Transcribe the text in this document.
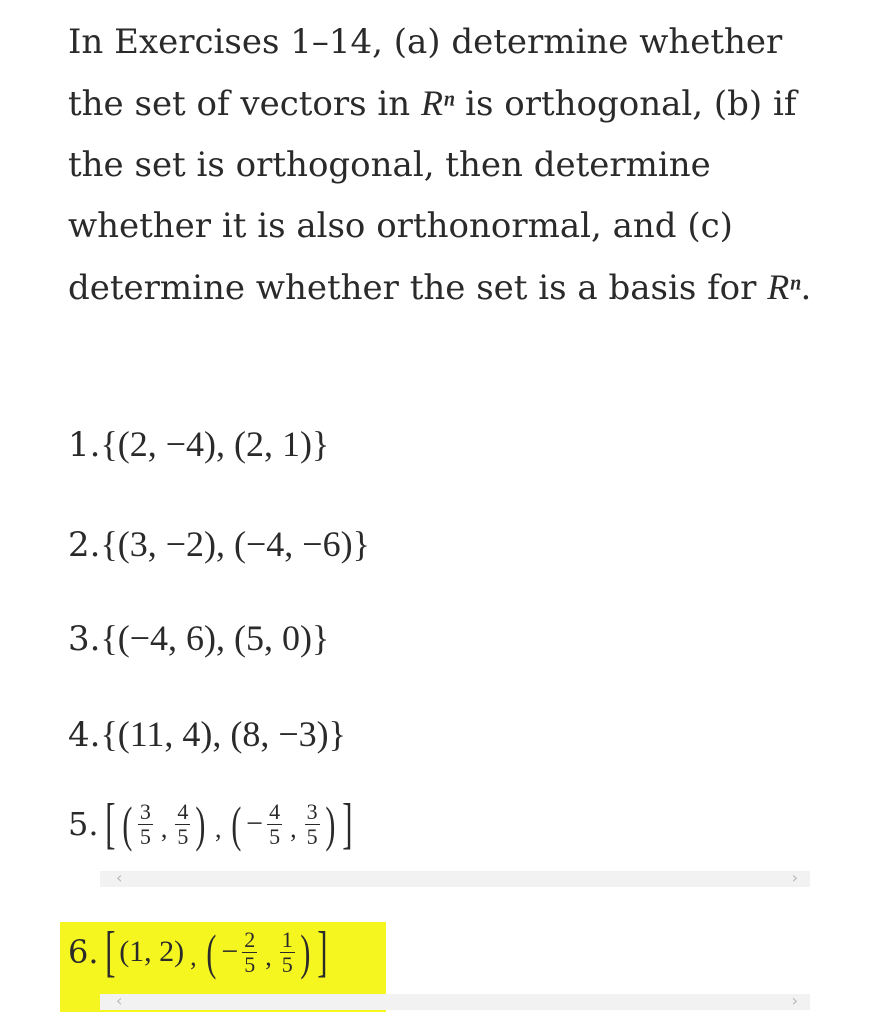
In Exercises 1–14, (a) determine whether the set of vectors in Rⁿ is orthogonal, (b) if the set is orthogonal, then determine whether it is also orthonormal, and (c) determine whether the set is a basis for Rⁿ.

1.{(2, −4), (2, 1)}
2.{(3, −2), (−4, −6)}
3.{(−4, 6), (5, 0)}
4.{(11, 4), (8, −3)}
5. [ ( $\frac{3}{5}$ , $\frac{4}{5}$ ) , ( − $\frac{4}{5}$ , $\frac{3}{5}$ ) ]
‹	›
6. [ (1, 2) , ( − $\frac{2}{5}$ , $\frac{1}{5}$ ) ]
‹	›
